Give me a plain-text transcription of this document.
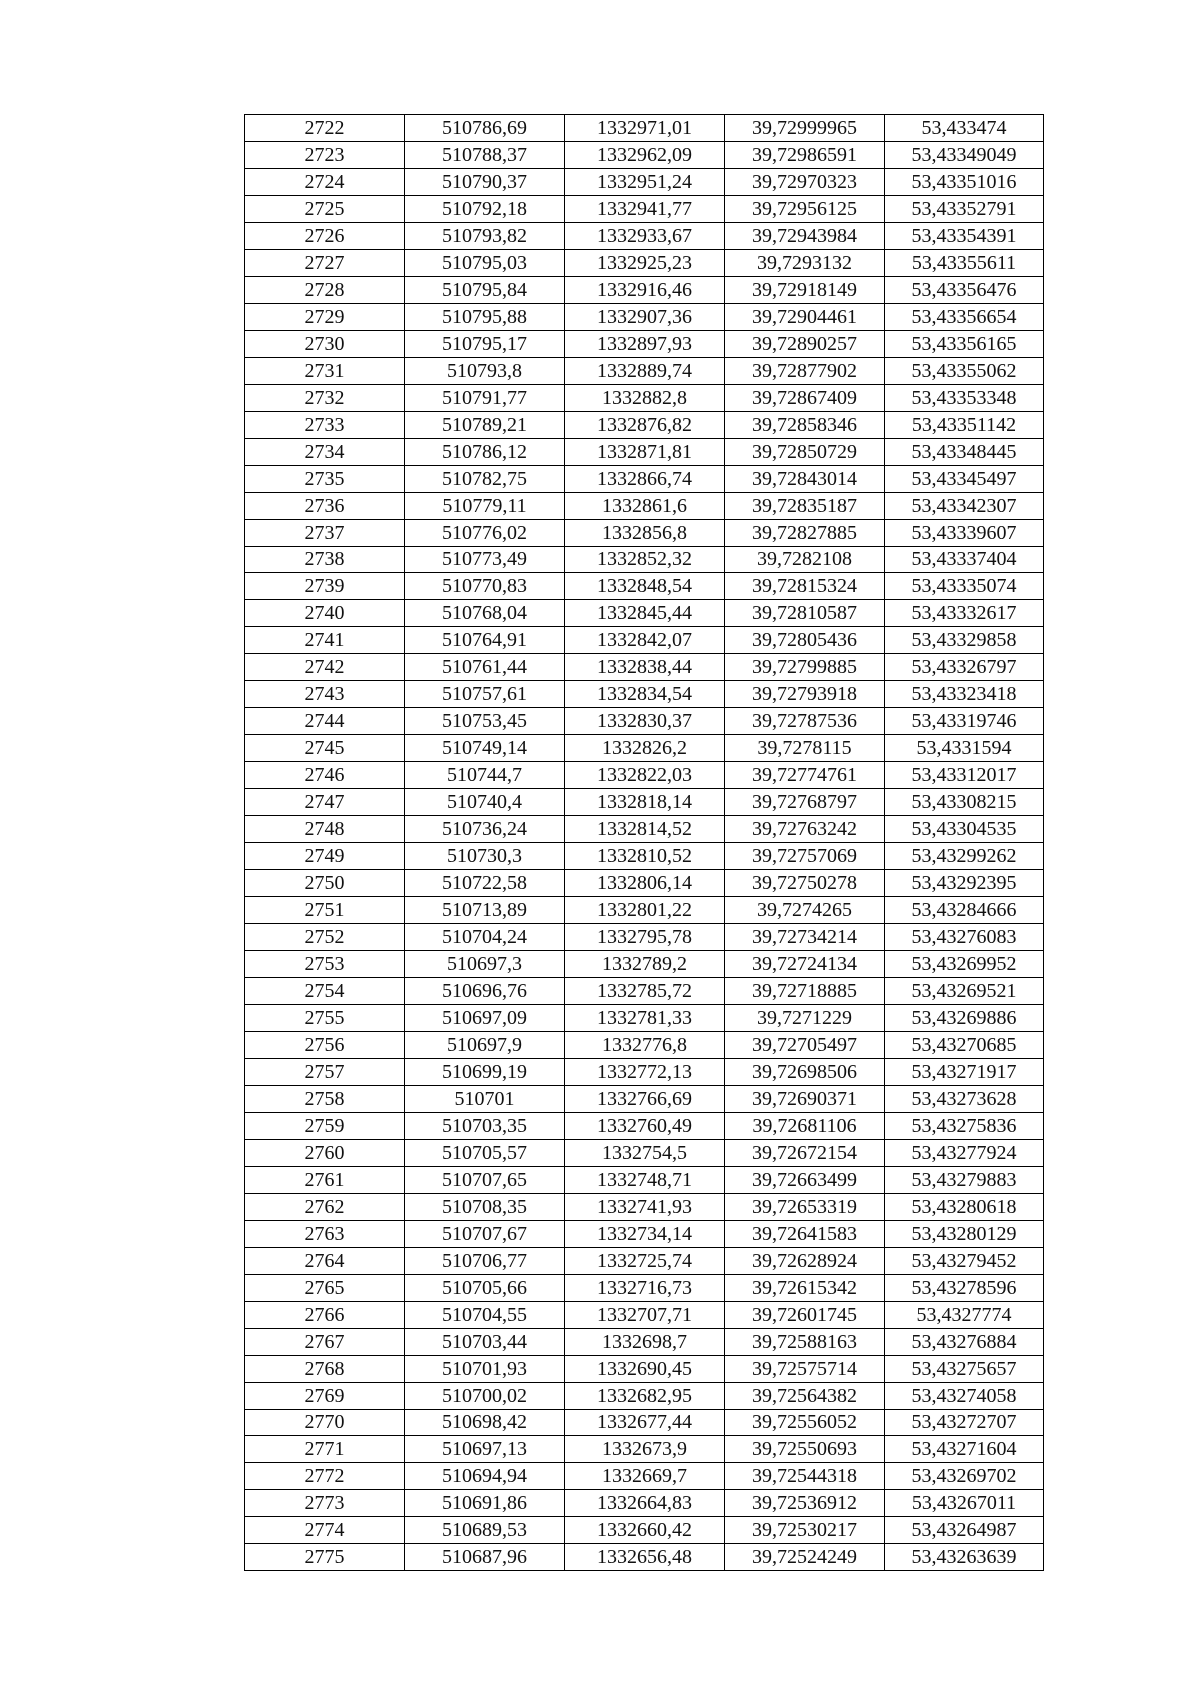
2722	510786,69	1332971,01	39,72999965	53,433474
2723	510788,37	1332962,09	39,72986591	53,43349049
2724	510790,37	1332951,24	39,72970323	53,43351016
2725	510792,18	1332941,77	39,72956125	53,43352791
2726	510793,82	1332933,67	39,72943984	53,43354391
2727	510795,03	1332925,23	39,7293132	53,43355611
2728	510795,84	1332916,46	39,72918149	53,43356476
2729	510795,88	1332907,36	39,72904461	53,43356654
2730	510795,17	1332897,93	39,72890257	53,43356165
2731	510793,8	1332889,74	39,72877902	53,43355062
2732	510791,77	1332882,8	39,72867409	53,43353348
2733	510789,21	1332876,82	39,72858346	53,43351142
2734	510786,12	1332871,81	39,72850729	53,43348445
2735	510782,75	1332866,74	39,72843014	53,43345497
2736	510779,11	1332861,6	39,72835187	53,43342307
2737	510776,02	1332856,8	39,72827885	53,43339607
2738	510773,49	1332852,32	39,7282108	53,43337404
2739	510770,83	1332848,54	39,72815324	53,43335074
2740	510768,04	1332845,44	39,72810587	53,43332617
2741	510764,91	1332842,07	39,72805436	53,43329858
2742	510761,44	1332838,44	39,72799885	53,43326797
2743	510757,61	1332834,54	39,72793918	53,43323418
2744	510753,45	1332830,37	39,72787536	53,43319746
2745	510749,14	1332826,2	39,7278115	53,4331594
2746	510744,7	1332822,03	39,72774761	53,43312017
2747	510740,4	1332818,14	39,72768797	53,43308215
2748	510736,24	1332814,52	39,72763242	53,43304535
2749	510730,3	1332810,52	39,72757069	53,43299262
2750	510722,58	1332806,14	39,72750278	53,43292395
2751	510713,89	1332801,22	39,7274265	53,43284666
2752	510704,24	1332795,78	39,72734214	53,43276083
2753	510697,3	1332789,2	39,72724134	53,43269952
2754	510696,76	1332785,72	39,72718885	53,43269521
2755	510697,09	1332781,33	39,7271229	53,43269886
2756	510697,9	1332776,8	39,72705497	53,43270685
2757	510699,19	1332772,13	39,72698506	53,43271917
2758	510701	1332766,69	39,72690371	53,43273628
2759	510703,35	1332760,49	39,72681106	53,43275836
2760	510705,57	1332754,5	39,72672154	53,43277924
2761	510707,65	1332748,71	39,72663499	53,43279883
2762	510708,35	1332741,93	39,72653319	53,43280618
2763	510707,67	1332734,14	39,72641583	53,43280129
2764	510706,77	1332725,74	39,72628924	53,43279452
2765	510705,66	1332716,73	39,72615342	53,43278596
2766	510704,55	1332707,71	39,72601745	53,4327774
2767	510703,44	1332698,7	39,72588163	53,43276884
2768	510701,93	1332690,45	39,72575714	53,43275657
2769	510700,02	1332682,95	39,72564382	53,43274058
2770	510698,42	1332677,44	39,72556052	53,43272707
2771	510697,13	1332673,9	39,72550693	53,43271604
2772	510694,94	1332669,7	39,72544318	53,43269702
2773	510691,86	1332664,83	39,72536912	53,43267011
2774	510689,53	1332660,42	39,72530217	53,43264987
2775	510687,96	1332656,48	39,72524249	53,43263639
